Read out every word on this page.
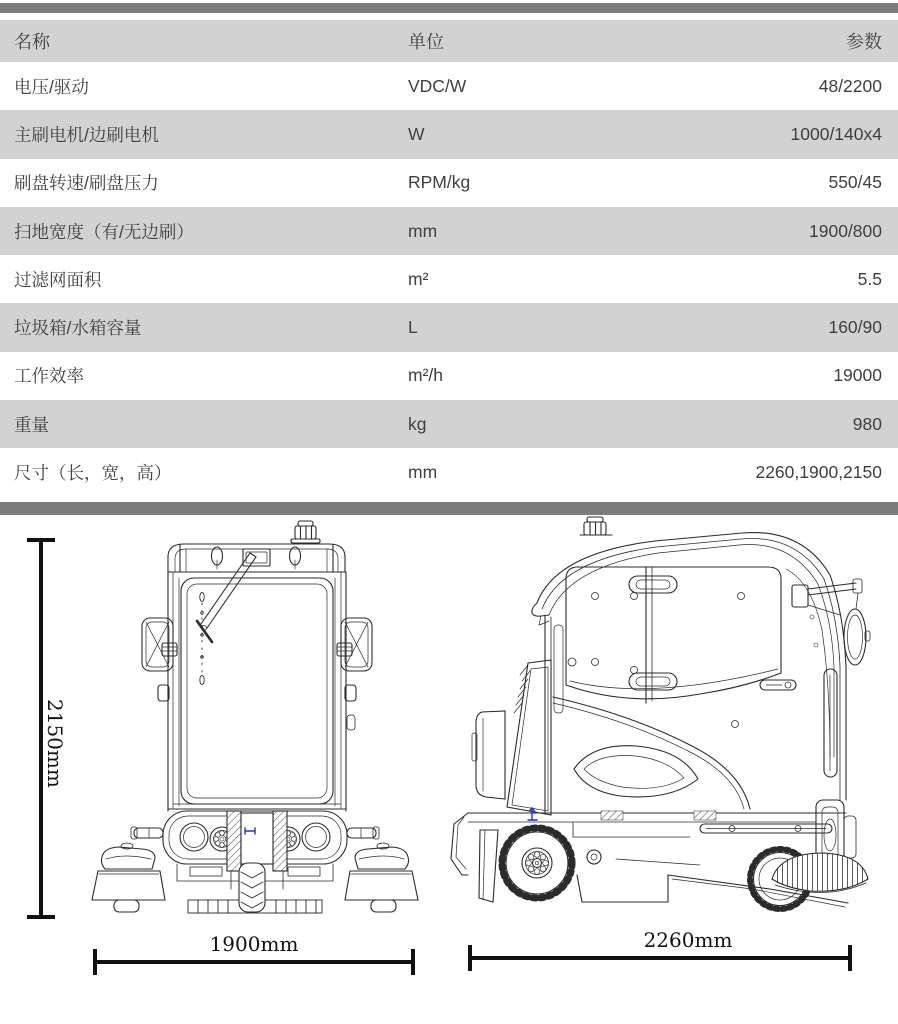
名称	单位	参数
电压/驱动	VDC/W	48/2200
主刷电机/边刷电机	W	1000/140x4
刷盘转速/刷盘压力	RPM/kg	550/45
扫地宽度（有/无边刷）	mm	1900/800
过滤网面积	m²	5.5
垃圾箱/水箱容量	L	160/90
工作效率	m²/h	19000
重量	kg	980
尺寸（长，宽，高）	mm	2260,1900,2150
2150mm
1900mm	2260mm
